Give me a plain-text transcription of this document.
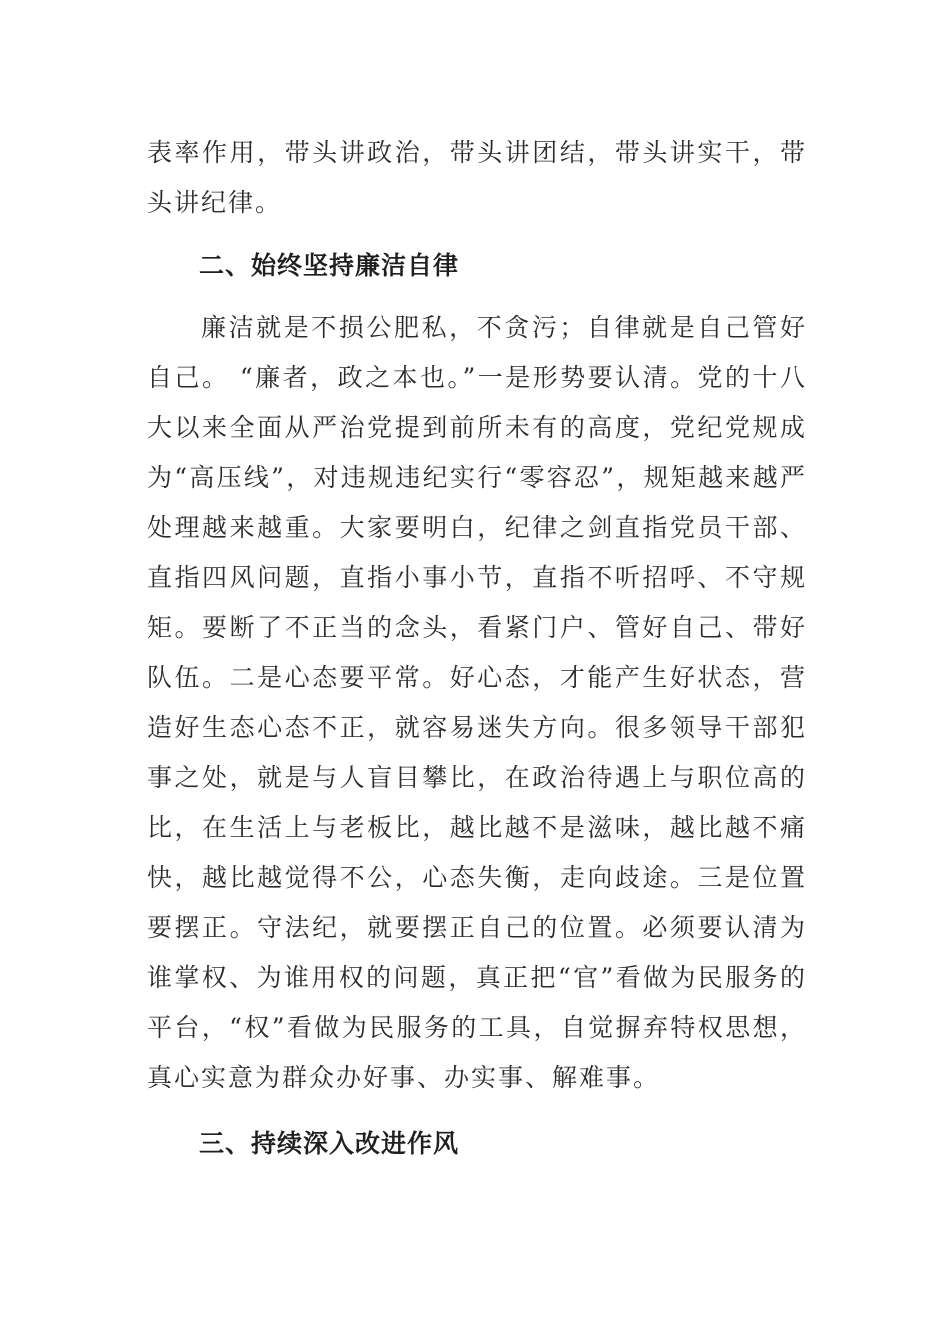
表率作用，带头讲政治，带头讲团结，带头讲实干，带头讲纪律。

二、始终坚持廉洁自律

廉洁就是不损公肥私，不贪污；自律就是自己管好自己。 “廉者，政之本也。”一是形势要认清。党的十八大以来全面从严治党提到前所未有的高度，党纪党规成为“高压线”，对违规违纪实行“零容忍”，规矩越来越严处理越来越重。大家要明白，纪律之剑直指党员干部、直指四风问题，直指小事小节，直指不听招呼、不守规矩。要断了不正当的念头，看紧门户、管好自己、带好队伍。二是心态要平常。好心态，才能产生好状态，营造好生态心态不正，就容易迷失方向。很多领导干部犯事之处，就是与人盲目攀比，在政治待遇上与职位高的比，在生活上与老板比，越比越不是滋味，越比越不痛快，越比越觉得不公，心态失衡，走向歧途。三是位置要摆正。守法纪，就要摆正自己的位置。必须要认清为谁掌权、为谁用权的问题，真正把“官”看做为民服务的平台，“权”看做为民服务的工具，自觉摒弃特权思想，真心实意为群众办好事、办实事、解难事。

三、持续深入改进作风
